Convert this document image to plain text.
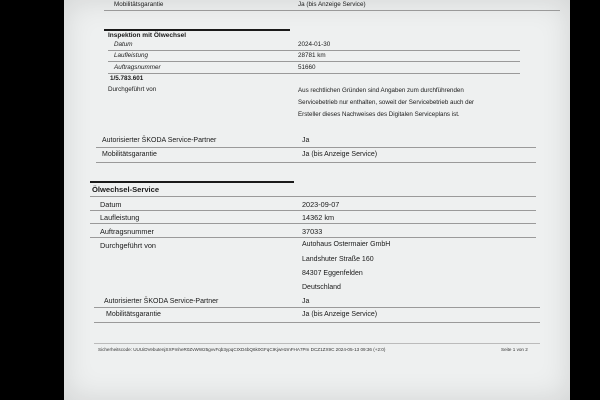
Mobilitätsgarantie	Ja (bis Anzeige Service)
Inspektion mit Ölwechsel
Datum	2024-01-30
Laufleistung	28781 km
Auftragsnummer	51660
1/5.783.601
Durchgeführt von	Aus rechtlichen Gründen sind Angaben zum durchführenden
Servicebetrieb nur enthalten, soweit der Servicebetrieb auch der
Ersteller dieses Nachweises des Digitalen Serviceplans ist.
Autorisierter ŠKODA Service-Partner	Ja
Mobilitätsgarantie	Ja (bis Anzeige Service)
Ölwechsel-Service
Datum	2023-09-07
Laufleistung	14362 km
Auftragsnummer	37033
Durchgeführt von	Autohaus Ostermaier GmbH
Landshuter Straße 160
84307 Eggenfelden
Deutschland
Autorisierter ŠKODA Service-Partner	Ja
Mobilitätsgarantie	Ja (bis Anzeige Service)
Sicherheitscode: UUUiDVebutenjSXPmheR0ZvWW25gvvFqb3ypqCIXD4bQ6k0GFqCIKjwHzmFHA7Pm DCZ1ZX9C 2024-05-13 09:36 (+2:0)	Seite 1 von 2
